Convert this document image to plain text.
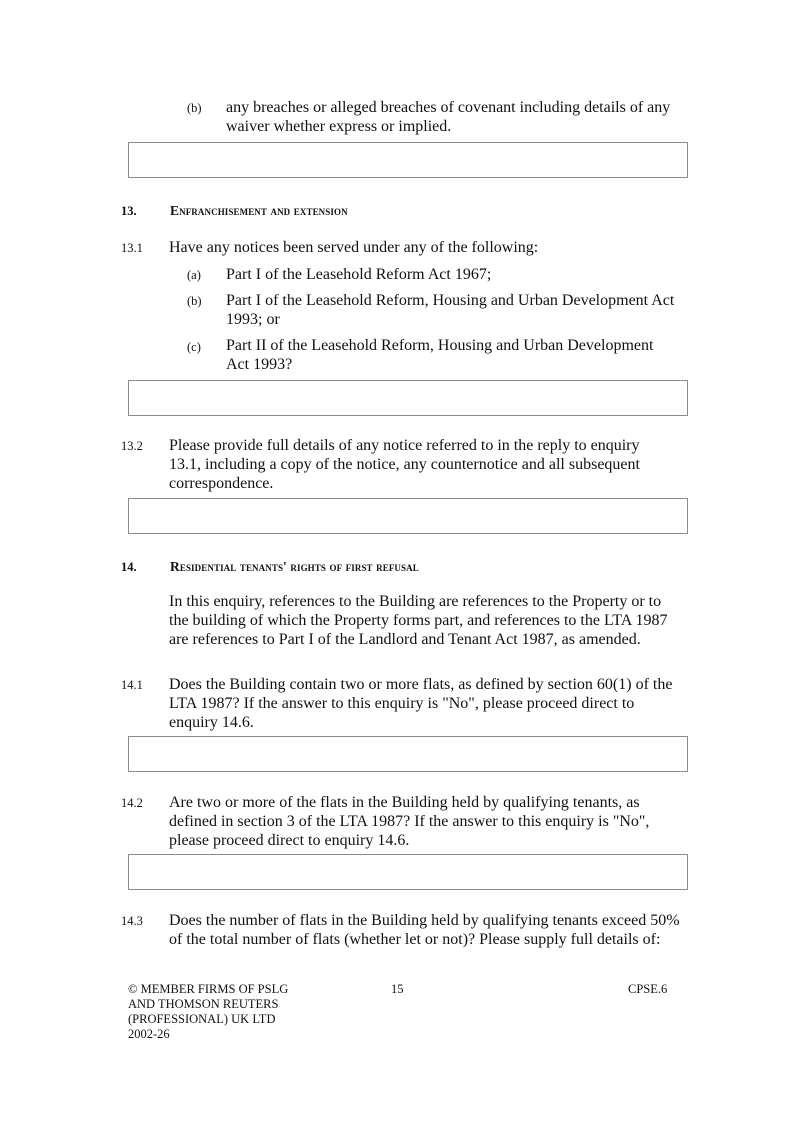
(b) any breaches or alleged breaches of covenant including details of any waiver whether express or implied.
13. Enfranchisement and extension
13.1 Have any notices been served under any of the following:
(a) Part I of the Leasehold Reform Act 1967;
(b) Part I of the Leasehold Reform, Housing and Urban Development Act 1993; or
(c) Part II of the Leasehold Reform, Housing and Urban Development Act 1993?
13.2 Please provide full details of any notice referred to in the reply to enquiry 13.1, including a copy of the notice, any counternotice and all subsequent correspondence.
14. Residential tenants' rights of first refusal
In this enquiry, references to the Building are references to the Property or to the building of which the Property forms part, and references to the LTA 1987 are references to Part I of the Landlord and Tenant Act 1987, as amended.
14.1 Does the Building contain two or more flats, as defined by section 60(1) of the LTA 1987? If the answer to this enquiry is "No", please proceed direct to enquiry 14.6.
14.2 Are two or more of the flats in the Building held by qualifying tenants, as defined in section 3 of the LTA 1987? If the answer to this enquiry is "No", please proceed direct to enquiry 14.6.
14.3 Does the number of flats in the Building held by qualifying tenants exceed 50% of the total number of flats (whether let or not)? Please supply full details of:
© MEMBER FIRMS OF PSLG
AND THOMSON REUTERS
(PROFESSIONAL) UK LTD
2002-26
15	CPSE.6
